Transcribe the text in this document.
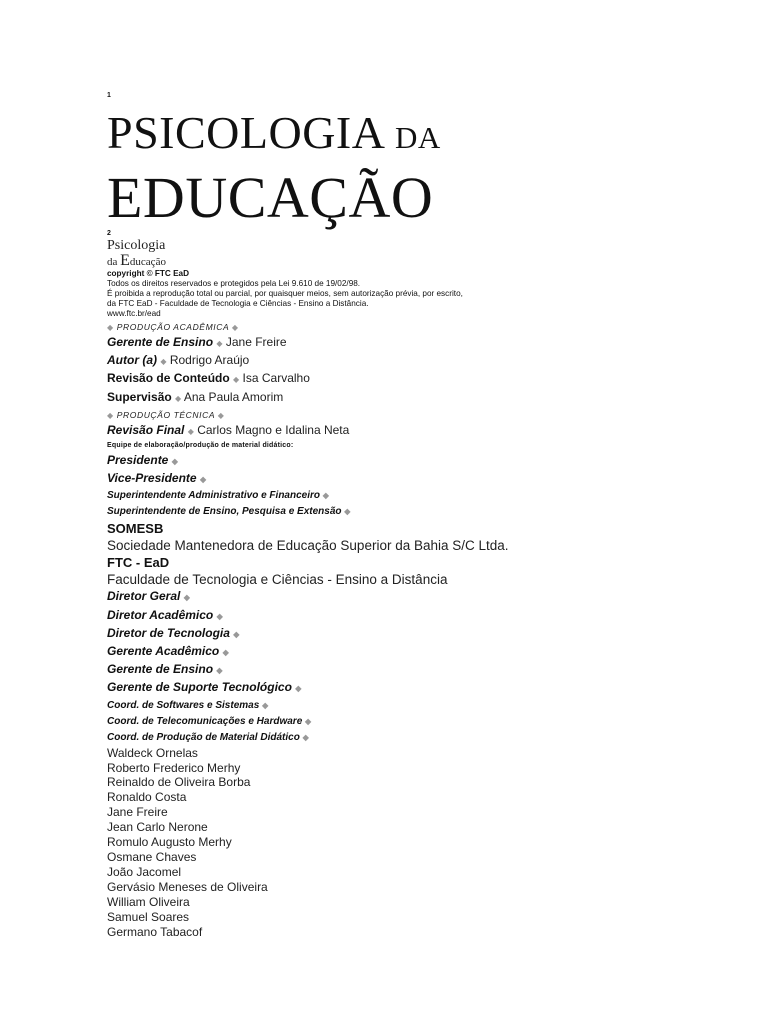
1
PSICOLOGIA DA
EDUCAÇÃO
2
Psicologia
da Educação
copyright © FTC EaD
Todos os direitos reservados e protegidos pela Lei 9.610 de 19/02/98.
É proibida a reprodução total ou parcial, por quaisquer meios, sem autorização prévia, por escrito,
da FTC EaD - Faculdade de Tecnologia e Ciências - Ensino a Distância.
www.ftc.br/ead
◆ PRODUÇÃO ACADÊMICA ◆
Gerente de Ensino ◆ Jane Freire
Autor (a) ◆ Rodrigo Araújo
Revisão de Conteúdo ◆ Isa Carvalho
Supervisão ◆ Ana Paula Amorim
◆ PRODUÇÃO TÉCNICA ◆
Revisão Final ◆ Carlos Magno e Idalina Neta
Equipe de elaboração/produção de material didático:
Presidente ◆
Vice-Presidente ◆
Superintendente Administrativo e Financeiro ◆
Superintendente de Ensino, Pesquisa e Extensão ◆
SOMESB
Sociedade Mantenedora de Educação Superior da Bahia S/C Ltda.
FTC - EaD
Faculdade de Tecnologia e Ciências - Ensino a Distância
Diretor Geral ◆
Diretor Acadêmico ◆
Diretor de Tecnologia ◆
Gerente Acadêmico ◆
Gerente de Ensino ◆
Gerente de Suporte Tecnológico ◆
Coord. de Softwares e Sistemas ◆
Coord. de Telecomunicações e Hardware ◆
Coord. de Produção de Material Didático ◆
Waldeck Ornelas
Roberto Frederico Merhy
Reinaldo de Oliveira Borba
Ronaldo Costa
Jane Freire
Jean Carlo Nerone
Romulo Augusto Merhy
Osmane Chaves
João Jacomel
Gervásio Meneses de Oliveira
William Oliveira
Samuel Soares
Germano Tabacof
